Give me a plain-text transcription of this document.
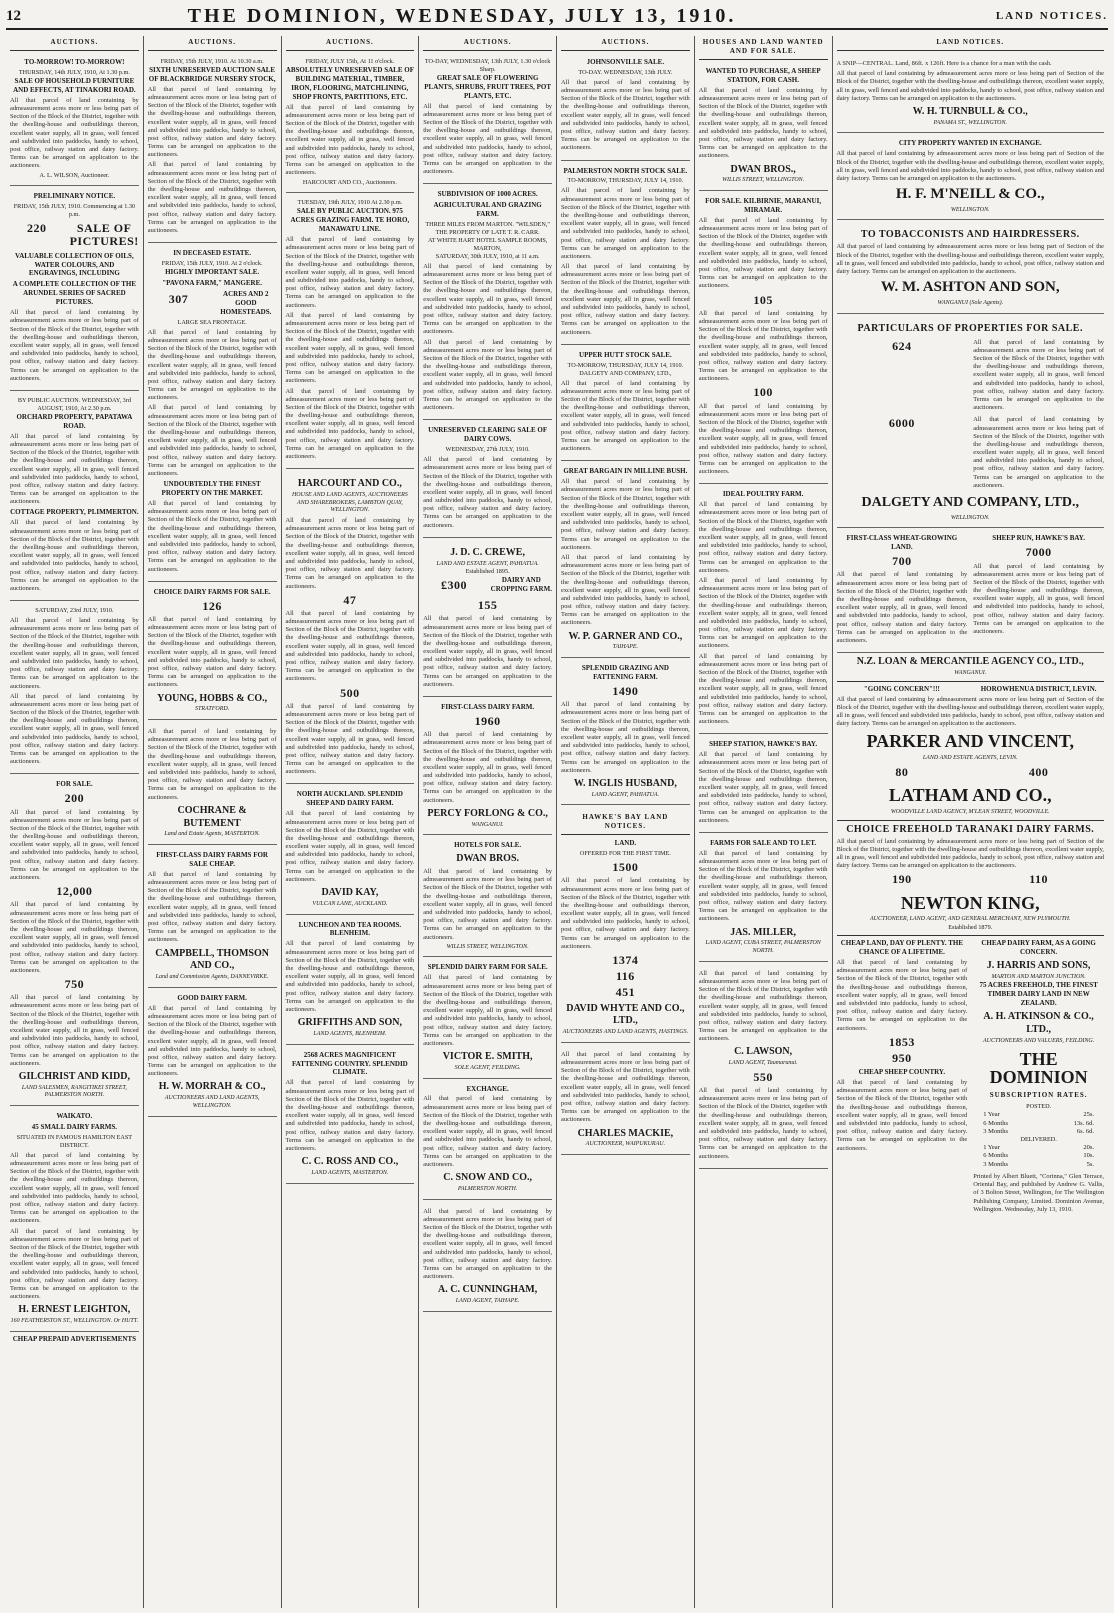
12	THE DOMINION, WEDNESDAY, JULY 13, 1910.	LAND NOTICES.
AUCTIONS.
TO-MORROW! TO-MORROW!
THURSDAY, 14th JULY, 1910, At 1.30 p.m.
SALE OF HOUSEHOLD FURNITURE AND EFFECTS, AT TINAKORI ROAD.

All that parcel of land containing by admeasurement acres more or less being part of Section of the Block of the District, together with the dwelling-house and outbuildings thereon, excellent water supply, all in grass, well fenced and subdivided into paddocks, handy to school, post office, railway station and dairy factory. Terms can be arranged on application to the auctioneers.

A. L. WILSON, Auctioneer.
PRELIMINARY NOTICE.
FRIDAY, 15th JULY, 1910. Commencing at 1.30 p.m.
220	SALE OF PICTURES!
VALUABLE COLLECTION OF OILS, WATER COLOURS, AND ENGRAVINGS, INCLUDING
A COMPLETE COLLECTION OF THE ARUNDEL SERIES OF SACRED PICTURES.

All that parcel of land containing by admeasurement acres more or less being part of Section of the Block of the District, together with the dwelling-house and outbuildings thereon, excellent water supply, all in grass, well fenced and subdivided into paddocks, handy to school, post office, railway station and dairy factory. Terms can be arranged on application to the auctioneers.

BY PUBLIC AUCTION. WEDNESDAY, 3rd AUGUST, 1910, At 2.30 p.m.
ORCHARD PROPERTY, PAPATAWA ROAD.

All that parcel of land containing by admeasurement acres more or less being part of Section of the Block of the District, together with the dwelling-house and outbuildings thereon, excellent water supply, all in grass, well fenced and subdivided into paddocks, handy to school, post office, railway station and dairy factory. Terms can be arranged on application to the auctioneers.

COTTAGE PROPERTY, PLIMMERTON.

All that parcel of land containing by admeasurement acres more or less being part of Section of the Block of the District, together with the dwelling-house and outbuildings thereon, excellent water supply, all in grass, well fenced and subdivided into paddocks, handy to school, post office, railway station and dairy factory. Terms can be arranged on application to the auctioneers.

SATURDAY, 23rd JULY, 1910.

All that parcel of land containing by admeasurement acres more or less being part of Section of the Block of the District, together with the dwelling-house and outbuildings thereon, excellent water supply, all in grass, well fenced and subdivided into paddocks, handy to school, post office, railway station and dairy factory. Terms can be arranged on application to the auctioneers.

All that parcel of land containing by admeasurement acres more or less being part of Section of the Block of the District, together with the dwelling-house and outbuildings thereon, excellent water supply, all in grass, well fenced and subdivided into paddocks, handy to school, post office, railway station and dairy factory. Terms can be arranged on application to the auctioneers.

FOR SALE.
200

All that parcel of land containing by admeasurement acres more or less being part of Section of the Block of the District, together with the dwelling-house and outbuildings thereon, excellent water supply, all in grass, well fenced and subdivided into paddocks, handy to school, post office, railway station and dairy factory. Terms can be arranged on application to the auctioneers.

12,000

All that parcel of land containing by admeasurement acres more or less being part of Section of the Block of the District, together with the dwelling-house and outbuildings thereon, excellent water supply, all in grass, well fenced and subdivided into paddocks, handy to school, post office, railway station and dairy factory. Terms can be arranged on application to the auctioneers.

750

All that parcel of land containing by admeasurement acres more or less being part of Section of the Block of the District, together with the dwelling-house and outbuildings thereon, excellent water supply, all in grass, well fenced and subdivided into paddocks, handy to school, post office, railway station and dairy factory. Terms can be arranged on application to the auctioneers.

GILCHRIST AND KIDD,
LAND SALESMEN, RANGITIKEI STREET, PALMERSTON NORTH.
WAIKATO.
45 SMALL DAIRY FARMS.
SITUATED IN FAMOUS HAMILTON EAST DISTRICT.

All that parcel of land containing by admeasurement acres more or less being part of Section of the Block of the District, together with the dwelling-house and outbuildings thereon, excellent water supply, all in grass, well fenced and subdivided into paddocks, handy to school, post office, railway station and dairy factory. Terms can be arranged on application to the auctioneers.

All that parcel of land containing by admeasurement acres more or less being part of Section of the Block of the District, together with the dwelling-house and outbuildings thereon, excellent water supply, all in grass, well fenced and subdivided into paddocks, handy to school, post office, railway station and dairy factory. Terms can be arranged on application to the auctioneers.

H. ERNEST LEIGHTON,
160 FEATHERSTON ST., WELLINGTON. Or HUTT.
CHEAP PREPAID ADVERTISEMENTS
AUCTIONS.
FRIDAY, 15th JULY, 1910. At 10.30 a.m.
SIXTH UNRESERVED AUCTION SALE OF BLACKBRIDGE NURSERY STOCK,

All that parcel of land containing by admeasurement acres more or less being part of Section of the Block of the District, together with the dwelling-house and outbuildings thereon, excellent water supply, all in grass, well fenced and subdivided into paddocks, handy to school, post office, railway station and dairy factory. Terms can be arranged on application to the auctioneers.

All that parcel of land containing by admeasurement acres more or less being part of Section of the Block of the District, together with the dwelling-house and outbuildings thereon, excellent water supply, all in grass, well fenced and subdivided into paddocks, handy to school, post office, railway station and dairy factory. Terms can be arranged on application to the auctioneers.

IN DECEASED ESTATE.
FRIDAY, 15th JULY, 1910. At 2 o'clock.
HIGHLY IMPORTANT SALE.
"PAVONA FARM," MANGERE.
307	ACRES AND 2 GOOD HOMESTEADS.
LARGE SEA FRONTAGE.

All that parcel of land containing by admeasurement acres more or less being part of Section of the Block of the District, together with the dwelling-house and outbuildings thereon, excellent water supply, all in grass, well fenced and subdivided into paddocks, handy to school, post office, railway station and dairy factory. Terms can be arranged on application to the auctioneers.

All that parcel of land containing by admeasurement acres more or less being part of Section of the Block of the District, together with the dwelling-house and outbuildings thereon, excellent water supply, all in grass, well fenced and subdivided into paddocks, handy to school, post office, railway station and dairy factory. Terms can be arranged on application to the auctioneers.

UNDOUBTEDLY THE FINEST PROPERTY ON THE MARKET.

All that parcel of land containing by admeasurement acres more or less being part of Section of the Block of the District, together with the dwelling-house and outbuildings thereon, excellent water supply, all in grass, well fenced and subdivided into paddocks, handy to school, post office, railway station and dairy factory. Terms can be arranged on application to the auctioneers.

CHOICE DAIRY FARMS FOR SALE.
126

All that parcel of land containing by admeasurement acres more or less being part of Section of the Block of the District, together with the dwelling-house and outbuildings thereon, excellent water supply, all in grass, well fenced and subdivided into paddocks, handy to school, post office, railway station and dairy factory. Terms can be arranged on application to the auctioneers.

YOUNG, HOBBS & CO.,
STRATFORD.

All that parcel of land containing by admeasurement acres more or less being part of Section of the Block of the District, together with the dwelling-house and outbuildings thereon, excellent water supply, all in grass, well fenced and subdivided into paddocks, handy to school, post office, railway station and dairy factory. Terms can be arranged on application to the auctioneers.

COCHRANE & BUTEMENT
Land and Estate Agents, MASTERTON.
FIRST-CLASS DAIRY FARMS FOR SALE CHEAP.

All that parcel of land containing by admeasurement acres more or less being part of Section of the Block of the District, together with the dwelling-house and outbuildings thereon, excellent water supply, all in grass, well fenced and subdivided into paddocks, handy to school, post office, railway station and dairy factory. Terms can be arranged on application to the auctioneers.

CAMPBELL, THOMSON AND CO.,
Land and Commission Agents, DANNEVIRKE.
GOOD DAIRY FARM.

All that parcel of land containing by admeasurement acres more or less being part of Section of the Block of the District, together with the dwelling-house and outbuildings thereon, excellent water supply, all in grass, well fenced and subdivided into paddocks, handy to school, post office, railway station and dairy factory. Terms can be arranged on application to the auctioneers.

H. W. MORRAH & CO.,
AUCTIONEERS AND LAND AGENTS, WELLINGTON.
AUCTIONS.
FRIDAY, JULY 15th, At 11 o'clock.
ABSOLUTELY UNRESERVED SALE OF BUILDING MATERIAL, TIMBER, IRON, FLOORING, MATCHLINING, SHOP FRONTS, PARTITIONS, ETC.

All that parcel of land containing by admeasurement acres more or less being part of Section of the Block of the District, together with the dwelling-house and outbuildings thereon, excellent water supply, all in grass, well fenced and subdivided into paddocks, handy to school, post office, railway station and dairy factory. Terms can be arranged on application to the auctioneers.

HARCOURT AND CO., Auctioneers.
TUESDAY, 19th JULY, 1910 At 2.30 p.m.
SALE BY PUBLIC AUCTION. 975 ACRES GRAZING FARM. TE HORO, MANAWATU LINE.

All that parcel of land containing by admeasurement acres more or less being part of Section of the Block of the District, together with the dwelling-house and outbuildings thereon, excellent water supply, all in grass, well fenced and subdivided into paddocks, handy to school, post office, railway station and dairy factory. Terms can be arranged on application to the auctioneers.

All that parcel of land containing by admeasurement acres more or less being part of Section of the Block of the District, together with the dwelling-house and outbuildings thereon, excellent water supply, all in grass, well fenced and subdivided into paddocks, handy to school, post office, railway station and dairy factory. Terms can be arranged on application to the auctioneers.

All that parcel of land containing by admeasurement acres more or less being part of Section of the Block of the District, together with the dwelling-house and outbuildings thereon, excellent water supply, all in grass, well fenced and subdivided into paddocks, handy to school, post office, railway station and dairy factory. Terms can be arranged on application to the auctioneers.

HARCOURT AND CO.,
HOUSE AND LAND AGENTS, AUCTIONEERS AND SHAREBROKERS, LAMBTON QUAY, WELLINGTON.

All that parcel of land containing by admeasurement acres more or less being part of Section of the Block of the District, together with the dwelling-house and outbuildings thereon, excellent water supply, all in grass, well fenced and subdivided into paddocks, handy to school, post office, railway station and dairy factory. Terms can be arranged on application to the auctioneers.

47

All that parcel of land containing by admeasurement acres more or less being part of Section of the Block of the District, together with the dwelling-house and outbuildings thereon, excellent water supply, all in grass, well fenced and subdivided into paddocks, handy to school, post office, railway station and dairy factory. Terms can be arranged on application to the auctioneers.

500

All that parcel of land containing by admeasurement acres more or less being part of Section of the Block of the District, together with the dwelling-house and outbuildings thereon, excellent water supply, all in grass, well fenced and subdivided into paddocks, handy to school, post office, railway station and dairy factory. Terms can be arranged on application to the auctioneers.

NORTH AUCKLAND. SPLENDID SHEEP AND DAIRY FARM.

All that parcel of land containing by admeasurement acres more or less being part of Section of the Block of the District, together with the dwelling-house and outbuildings thereon, excellent water supply, all in grass, well fenced and subdivided into paddocks, handy to school, post office, railway station and dairy factory. Terms can be arranged on application to the auctioneers.

DAVID KAY,
VULCAN LANE, AUCKLAND.
LUNCHEON AND TEA ROOMS. BLENHEIM.

All that parcel of land containing by admeasurement acres more or less being part of Section of the Block of the District, together with the dwelling-house and outbuildings thereon, excellent water supply, all in grass, well fenced and subdivided into paddocks, handy to school, post office, railway station and dairy factory. Terms can be arranged on application to the auctioneers.

GRIFFITHS AND SON,
LAND AGENTS, BLENHEIM.
2568 ACRES MAGNIFICENT FATTENING COUNTRY. SPLENDID CLIMATE.

All that parcel of land containing by admeasurement acres more or less being part of Section of the Block of the District, together with the dwelling-house and outbuildings thereon, excellent water supply, all in grass, well fenced and subdivided into paddocks, handy to school, post office, railway station and dairy factory. Terms can be arranged on application to the auctioneers.

C. C. ROSS AND CO.,
LAND AGENTS, MASTERTON.
AUCTIONS.
TO-DAY, WEDNESDAY, 13th JULY, 1.30 o'clock Sharp.
GREAT SALE OF FLOWERING PLANTS, SHRUBS, FRUIT TREES, POT PLANTS, ETC.

All that parcel of land containing by admeasurement acres more or less being part of Section of the Block of the District, together with the dwelling-house and outbuildings thereon, excellent water supply, all in grass, well fenced and subdivided into paddocks, handy to school, post office, railway station and dairy factory. Terms can be arranged on application to the auctioneers.

SUBDIVISION OF 1000 ACRES.
AGRICULTURAL AND GRAZING FARM.
THREE MILES FROM MARTON. "WILSDEN," THE PROPERTY OF LATE T. R. CARR.
AT WHITE HART HOTEL SAMPLE ROOMS, MARTON,
SATURDAY, 30th JULY, 1910, at 11 a.m.

All that parcel of land containing by admeasurement acres more or less being part of Section of the Block of the District, together with the dwelling-house and outbuildings thereon, excellent water supply, all in grass, well fenced and subdivided into paddocks, handy to school, post office, railway station and dairy factory. Terms can be arranged on application to the auctioneers.

All that parcel of land containing by admeasurement acres more or less being part of Section of the Block of the District, together with the dwelling-house and outbuildings thereon, excellent water supply, all in grass, well fenced and subdivided into paddocks, handy to school, post office, railway station and dairy factory. Terms can be arranged on application to the auctioneers.

UNRESERVED CLEARING SALE OF DAIRY COWS.
WEDNESDAY, 27th JULY, 1910.

All that parcel of land containing by admeasurement acres more or less being part of Section of the Block of the District, together with the dwelling-house and outbuildings thereon, excellent water supply, all in grass, well fenced and subdivided into paddocks, handy to school, post office, railway station and dairy factory. Terms can be arranged on application to the auctioneers.

J. D. C. CREWE,
LAND AND ESTATE AGENT, PAHIATUA.
Established 1895.
£300	DAIRY AND CROPPING FARM.
155

All that parcel of land containing by admeasurement acres more or less being part of Section of the Block of the District, together with the dwelling-house and outbuildings thereon, excellent water supply, all in grass, well fenced and subdivided into paddocks, handy to school, post office, railway station and dairy factory. Terms can be arranged on application to the auctioneers.

FIRST-CLASS DAIRY FARM.
1960

All that parcel of land containing by admeasurement acres more or less being part of Section of the Block of the District, together with the dwelling-house and outbuildings thereon, excellent water supply, all in grass, well fenced and subdivided into paddocks, handy to school, post office, railway station and dairy factory. Terms can be arranged on application to the auctioneers.

PERCY FORLONG & CO.,
WANGANUI.
HOTELS FOR SALE.
DWAN BROS.

All that parcel of land containing by admeasurement acres more or less being part of Section of the Block of the District, together with the dwelling-house and outbuildings thereon, excellent water supply, all in grass, well fenced and subdivided into paddocks, handy to school, post office, railway station and dairy factory. Terms can be arranged on application to the auctioneers.

WILLIS STREET, WELLINGTON.
SPLENDID DAIRY FARM FOR SALE.

All that parcel of land containing by admeasurement acres more or less being part of Section of the Block of the District, together with the dwelling-house and outbuildings thereon, excellent water supply, all in grass, well fenced and subdivided into paddocks, handy to school, post office, railway station and dairy factory. Terms can be arranged on application to the auctioneers.

VICTOR E. SMITH,
SOLE AGENT, FEILDING.
EXCHANGE.

All that parcel of land containing by admeasurement acres more or less being part of Section of the Block of the District, together with the dwelling-house and outbuildings thereon, excellent water supply, all in grass, well fenced and subdivided into paddocks, handy to school, post office, railway station and dairy factory. Terms can be arranged on application to the auctioneers.

C. SNOW AND CO.,
PALMERSTON NORTH.

All that parcel of land containing by admeasurement acres more or less being part of Section of the Block of the District, together with the dwelling-house and outbuildings thereon, excellent water supply, all in grass, well fenced and subdivided into paddocks, handy to school, post office, railway station and dairy factory. Terms can be arranged on application to the auctioneers.

A. C. CUNNINGHAM,
LAND AGENT, TAIHAPE.
AUCTIONS.
JOHNSONVILLE SALE.
TO-DAY. WEDNESDAY, 13th JULY.

All that parcel of land containing by admeasurement acres more or less being part of Section of the Block of the District, together with the dwelling-house and outbuildings thereon, excellent water supply, all in grass, well fenced and subdivided into paddocks, handy to school, post office, railway station and dairy factory. Terms can be arranged on application to the auctioneers.

PALMERSTON NORTH STOCK SALE.
TO-MORROW, THURSDAY, JULY 14, 1910.

All that parcel of land containing by admeasurement acres more or less being part of Section of the Block of the District, together with the dwelling-house and outbuildings thereon, excellent water supply, all in grass, well fenced and subdivided into paddocks, handy to school, post office, railway station and dairy factory. Terms can be arranged on application to the auctioneers.

All that parcel of land containing by admeasurement acres more or less being part of Section of the Block of the District, together with the dwelling-house and outbuildings thereon, excellent water supply, all in grass, well fenced and subdivided into paddocks, handy to school, post office, railway station and dairy factory. Terms can be arranged on application to the auctioneers.

UPPER HUTT STOCK SALE.
TO-MORROW, THURSDAY, JULY 14, 1910.
DALGETY AND COMPANY, LTD.,

All that parcel of land containing by admeasurement acres more or less being part of Section of the Block of the District, together with the dwelling-house and outbuildings thereon, excellent water supply, all in grass, well fenced and subdivided into paddocks, handy to school, post office, railway station and dairy factory. Terms can be arranged on application to the auctioneers.

GREAT BARGAIN IN MILLINE BUSH.

All that parcel of land containing by admeasurement acres more or less being part of Section of the Block of the District, together with the dwelling-house and outbuildings thereon, excellent water supply, all in grass, well fenced and subdivided into paddocks, handy to school, post office, railway station and dairy factory. Terms can be arranged on application to the auctioneers.

All that parcel of land containing by admeasurement acres more or less being part of Section of the Block of the District, together with the dwelling-house and outbuildings thereon, excellent water supply, all in grass, well fenced and subdivided into paddocks, handy to school, post office, railway station and dairy factory. Terms can be arranged on application to the auctioneers.

W. P. GARNER AND CO.,
TAIHAPE.
SPLENDID GRAZING AND FATTENING FARM.
1490

All that parcel of land containing by admeasurement acres more or less being part of Section of the Block of the District, together with the dwelling-house and outbuildings thereon, excellent water supply, all in grass, well fenced and subdivided into paddocks, handy to school, post office, railway station and dairy factory. Terms can be arranged on application to the auctioneers.

W. INGLIS HUSBAND,
LAND AGENT, PAHIATUA.
HAWKE'S BAY LAND NOTICES.
LAND.
OFFERED FOR THE FIRST TIME.
1500

All that parcel of land containing by admeasurement acres more or less being part of Section of the Block of the District, together with the dwelling-house and outbuildings thereon, excellent water supply, all in grass, well fenced and subdivided into paddocks, handy to school, post office, railway station and dairy factory. Terms can be arranged on application to the auctioneers.

1374
116
451
DAVID WHYTE AND CO., LTD.,
AUCTIONEERS AND LAND AGENTS, HASTINGS.

All that parcel of land containing by admeasurement acres more or less being part of Section of the Block of the District, together with the dwelling-house and outbuildings thereon, excellent water supply, all in grass, well fenced and subdivided into paddocks, handy to school, post office, railway station and dairy factory. Terms can be arranged on application to the auctioneers.

CHARLES MACKIE,
AUCTIONEER, WAIPUKURAU.
HOUSES AND LAND WANTED AND FOR SALE.
WANTED TO PURCHASE, A SHEEP STATION, FOR CASH.

All that parcel of land containing by admeasurement acres more or less being part of Section of the Block of the District, together with the dwelling-house and outbuildings thereon, excellent water supply, all in grass, well fenced and subdivided into paddocks, handy to school, post office, railway station and dairy factory. Terms can be arranged on application to the auctioneers.

DWAN BROS.,
WILLIS STREET, WELLINGTON.
FOR SALE. KILBIRNIE, MARANUI, MIRAMAR.

All that parcel of land containing by admeasurement acres more or less being part of Section of the Block of the District, together with the dwelling-house and outbuildings thereon, excellent water supply, all in grass, well fenced and subdivided into paddocks, handy to school, post office, railway station and dairy factory. Terms can be arranged on application to the auctioneers.

105

All that parcel of land containing by admeasurement acres more or less being part of Section of the Block of the District, together with the dwelling-house and outbuildings thereon, excellent water supply, all in grass, well fenced and subdivided into paddocks, handy to school, post office, railway station and dairy factory. Terms can be arranged on application to the auctioneers.

100

All that parcel of land containing by admeasurement acres more or less being part of Section of the Block of the District, together with the dwelling-house and outbuildings thereon, excellent water supply, all in grass, well fenced and subdivided into paddocks, handy to school, post office, railway station and dairy factory. Terms can be arranged on application to the auctioneers.

IDEAL POULTRY FARM.

All that parcel of land containing by admeasurement acres more or less being part of Section of the Block of the District, together with the dwelling-house and outbuildings thereon, excellent water supply, all in grass, well fenced and subdivided into paddocks, handy to school, post office, railway station and dairy factory. Terms can be arranged on application to the auctioneers.

All that parcel of land containing by admeasurement acres more or less being part of Section of the Block of the District, together with the dwelling-house and outbuildings thereon, excellent water supply, all in grass, well fenced and subdivided into paddocks, handy to school, post office, railway station and dairy factory. Terms can be arranged on application to the auctioneers.

All that parcel of land containing by admeasurement acres more or less being part of Section of the Block of the District, together with the dwelling-house and outbuildings thereon, excellent water supply, all in grass, well fenced and subdivided into paddocks, handy to school, post office, railway station and dairy factory. Terms can be arranged on application to the auctioneers.

SHEEP STATION, HAWKE'S BAY.

All that parcel of land containing by admeasurement acres more or less being part of Section of the Block of the District, together with the dwelling-house and outbuildings thereon, excellent water supply, all in grass, well fenced and subdivided into paddocks, handy to school, post office, railway station and dairy factory. Terms can be arranged on application to the auctioneers.

FARMS FOR SALE AND TO LET.

All that parcel of land containing by admeasurement acres more or less being part of Section of the Block of the District, together with the dwelling-house and outbuildings thereon, excellent water supply, all in grass, well fenced and subdivided into paddocks, handy to school, post office, railway station and dairy factory. Terms can be arranged on application to the auctioneers.

JAS. MILLER,
LAND AGENT, CUBA STREET, PALMERSTON NORTH.

All that parcel of land containing by admeasurement acres more or less being part of Section of the Block of the District, together with the dwelling-house and outbuildings thereon, excellent water supply, all in grass, well fenced and subdivided into paddocks, handy to school, post office, railway station and dairy factory. Terms can be arranged on application to the auctioneers.

C. LAWSON,
LAND AGENT, Taumarunui.
550

All that parcel of land containing by admeasurement acres more or less being part of Section of the Block of the District, together with the dwelling-house and outbuildings thereon, excellent water supply, all in grass, well fenced and subdivided into paddocks, handy to school, post office, railway station and dairy factory. Terms can be arranged on application to the auctioneers.

LAND NOTICES.

A SNIP—CENTRAL. Land, 86ft. x 126ft. Here is a chance for a man with the cash.

All that parcel of land containing by admeasurement acres more or less being part of Section of the Block of the District, together with the dwelling-house and outbuildings thereon, excellent water supply, all in grass, well fenced and subdivided into paddocks, handy to school, post office, railway station and dairy factory. Terms can be arranged on application to the auctioneers.

W. H. TURNBULL & CO.,
PANAMA ST., WELLINGTON.
CITY PROPERTY WANTED IN EXCHANGE.

All that parcel of land containing by admeasurement acres more or less being part of Section of the Block of the District, together with the dwelling-house and outbuildings thereon, excellent water supply, all in grass, well fenced and subdivided into paddocks, handy to school, post office, railway station and dairy factory. Terms can be arranged on application to the auctioneers.

H. F. M'NEILL & CO.,
WELLINGTON.
TO TOBACCONISTS AND HAIRDRESSERS.

All that parcel of land containing by admeasurement acres more or less being part of Section of the Block of the District, together with the dwelling-house and outbuildings thereon, excellent water supply, all in grass, well fenced and subdivided into paddocks, handy to school, post office, railway station and dairy factory. Terms can be arranged on application to the auctioneers.

W. M. ASHTON AND SON,
WANGANUI (Sole Agents).
PARTICULARS OF PROPERTIES FOR SALE.
624	All that parcel of land containing by admeasurement acres more or less being part of Section of the Block of the District, together with the dwelling-house and outbuildings thereon, excellent water supply, all in grass, well fenced and subdivided into paddocks, handy to school, post office, railway station and dairy factory. Terms can be arranged on application to the auctioneers.

6000	All that parcel of land containing by admeasurement acres more or less being part of Section of the Block of the District, together with the dwelling-house and outbuildings thereon, excellent water supply, all in grass, well fenced and subdivided into paddocks, handy to school, post office, railway station and dairy factory. Terms can be arranged on application to the auctioneers.

DALGETY AND COMPANY, LTD.,
WELLINGTON.
FIRST-CLASS WHEAT-GROWING LAND.
700

All that parcel of land containing by admeasurement acres more or less being part of Section of the Block of the District, together with the dwelling-house and outbuildings thereon, excellent water supply, all in grass, well fenced and subdivided into paddocks, handy to school, post office, railway station and dairy factory. Terms can be arranged on application to the auctioneers.

SHEEP RUN, HAWKE'S BAY.
7000

All that parcel of land containing by admeasurement acres more or less being part of Section of the Block of the District, together with the dwelling-house and outbuildings thereon, excellent water supply, all in grass, well fenced and subdivided into paddocks, handy to school, post office, railway station and dairy factory. Terms can be arranged on application to the auctioneers.

N.Z. LOAN & MERCANTILE AGENCY CO., LTD.,
WANGANUI.
"GOING CONCERN"!!!	HOROWHENUA DISTRICT, LEVIN.

All that parcel of land containing by admeasurement acres more or less being part of Section of the Block of the District, together with the dwelling-house and outbuildings thereon, excellent water supply, all in grass, well fenced and subdivided into paddocks, handy to school, post office, railway station and dairy factory. Terms can be arranged on application to the auctioneers.

PARKER AND VINCENT,
LAND AND ESTATE AGENTS, LEVIN.
80	400
LATHAM AND CO.,
WOODVILLE LAND AGENCY, M'LEAN STREET, WOODVILLE.
CHOICE FREEHOLD TARANAKI DAIRY FARMS.

All that parcel of land containing by admeasurement acres more or less being part of Section of the Block of the District, together with the dwelling-house and outbuildings thereon, excellent water supply, all in grass, well fenced and subdivided into paddocks, handy to school, post office, railway station and dairy factory. Terms can be arranged on application to the auctioneers.

190	110
NEWTON KING,
AUCTIONEER, LAND AGENT, AND GENERAL MERCHANT, NEW PLYMOUTH.
Established 1879.
CHEAP LAND, DAY OF PLENTY. THE CHANCE OF A LIFETIME.

All that parcel of land containing by admeasurement acres more or less being part of Section of the Block of the District, together with the dwelling-house and outbuildings thereon, excellent water supply, all in grass, well fenced and subdivided into paddocks, handy to school, post office, railway station and dairy factory. Terms can be arranged on application to the auctioneers.

1853
950
CHEAP SHEEP COUNTRY.

All that parcel of land containing by admeasurement acres more or less being part of Section of the Block of the District, together with the dwelling-house and outbuildings thereon, excellent water supply, all in grass, well fenced and subdivided into paddocks, handy to school, post office, railway station and dairy factory. Terms can be arranged on application to the auctioneers.

CHEAP DAIRY FARM, AS A GOING CONCERN.
J. HARRIS AND SONS,
MARTON AND MARTON JUNCTION.
75 ACRES FREEHOLD, THE FINEST TIMBER DAIRY LAND IN NEW ZEALAND.
A. H. ATKINSON & CO., LTD.,
AUCTIONEERS AND VALUERS, FEILDING.
THE DOMINION
SUBSCRIPTION RATES.
POSTED.
1 Year	25s.
6 Months	13s. 6d.
3 Months	6s. 6d.
DELIVERED.
1 Year	20s.
6 Months	10s.
3 Months	5s.

Printed by Albert Bluett, "Corinna," Glen Terrace, Oriental Bay, and published by Andrew G. Vallis, of 3 Bolton Street, Wellington, for The Wellington Publishing Company, Limited. Dominion Avenue, Wellington. Wednesday, July 13, 1910.
